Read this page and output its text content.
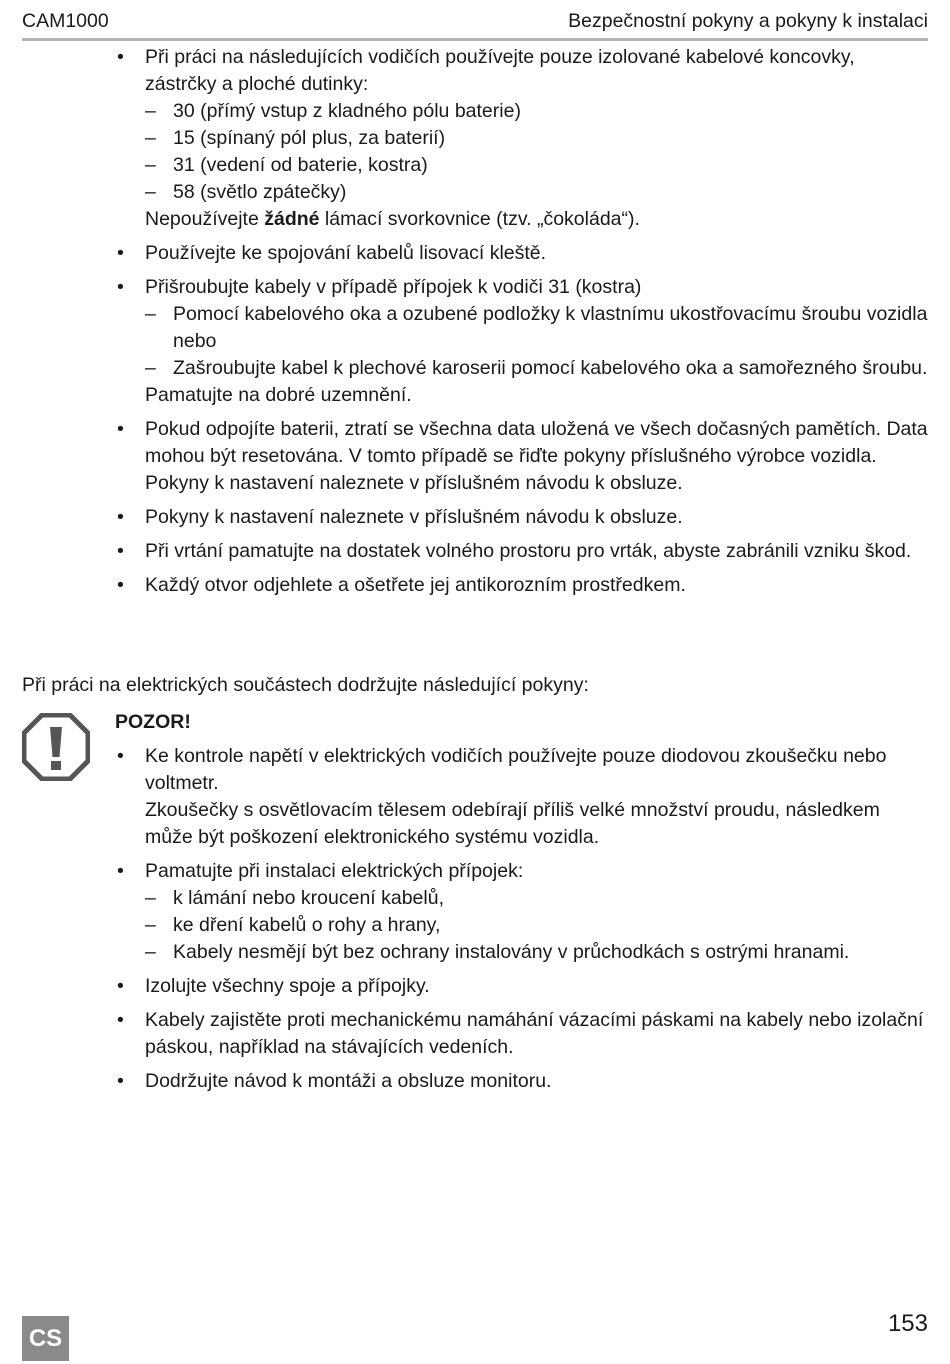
CAM1000	Bezpečnostní pokyny a pokyny k instalaci
• Při práci na následujících vodičích používejte pouze izolované kabelové koncovky, zástrčky a ploché dutinky:
– 30 (přímý vstup z kladného pólu baterie)
– 15 (spínaný pól plus, za baterií)
– 31 (vedení od baterie, kostra)
– 58 (světlo zpátečky)
Nepoužívejte žádné lámací svorkovnice (tzv. „čokoláda“).
• Používejte ke spojování kabelů lisovací kleště.
• Přišroubujte kabely v případě přípojek k vodiči 31 (kostra)
– Pomocí kabelového oka a ozubené podložky k vlastnímu ukostřovacímu šroubu vozidla nebo
– Zašroubujte kabel k plechové karoserii pomocí kabelového oka a samořezného šroubu.
Pamatujte na dobré uzemnění.
• Pokud odpojíte baterii, ztratí se všechna data uložená ve všech dočasných pamětích. Data mohou být resetována. V tomto případě se řiďte pokyny příslušného výrobce vozidla. Pokyny k nastavení naleznete v příslušném návodu k obsluze.
• Pokyny k nastavení naleznete v příslušném návodu k obsluze.
• Při vrtání pamatujte na dostatek volného prostoru pro vrták, abyste zabránili vzniku škod.
• Každý otvor odjehlete a ošetřete jej antikorozním prostředkem.
Při práci na elektrických součástech dodržujte následující pokyny:
POZOR!
• Ke kontrole napětí v elektrických vodičích používejte pouze diodovou zkoušečku nebo voltmetr.
Zkoušečky s osvětlovacím tělesem odebírají příliš velké množství proudu, následkem může být poškození elektronického systému vozidla.
• Pamatujte při instalaci elektrických přípojek:
– k lámání nebo kroucení kabelů,
– ke dření kabelů o rohy a hrany,
– Kabely nesmějí být bez ochrany instalovány v průchodkách s ostrými hranami.
• Izolujte všechny spoje a přípojky.
• Kabely zajistěte proti mechanickému namáhání vázacími páskami na kabely nebo izolační páskou, například na stávajících vedeních.
• Dodržujte návod k montáži a obsluze monitoru.
CS
153
